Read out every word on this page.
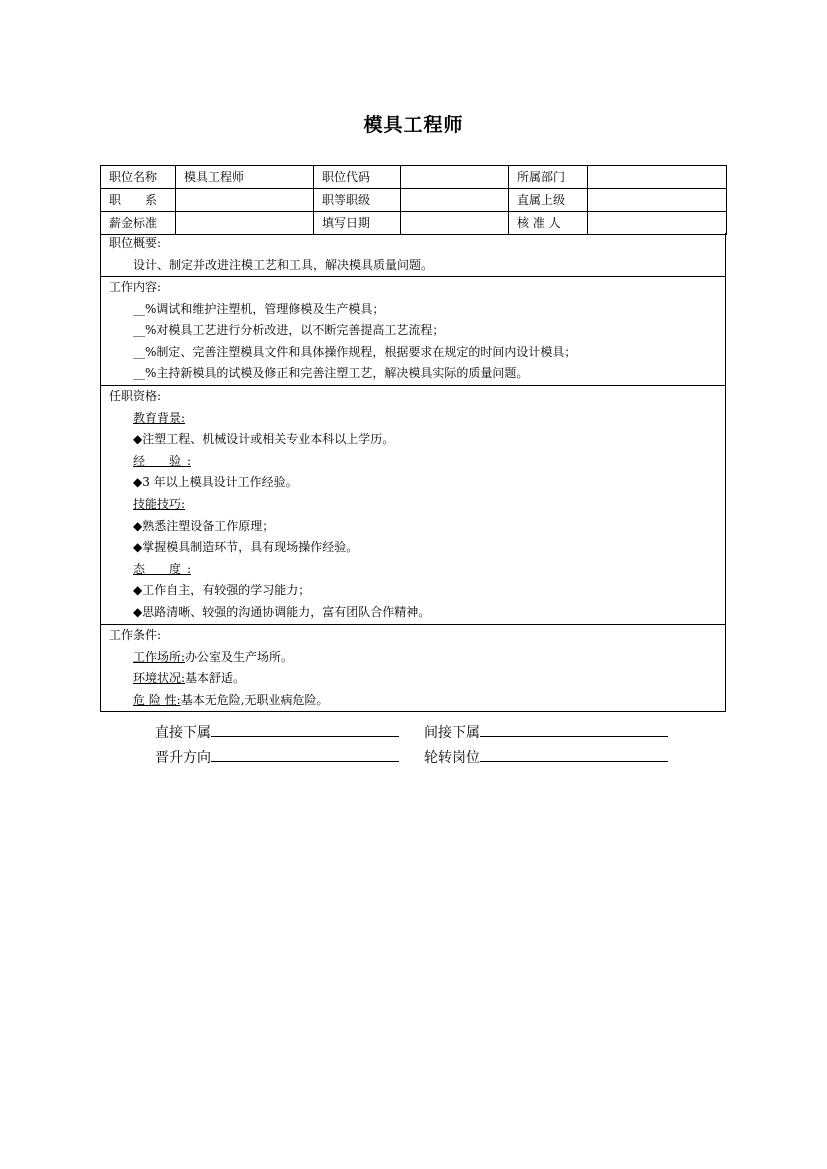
模具工程师
职位名称	模具工程师	职位代码		所属部门	
职　　系		职等职级		直属上级	
薪金标准		填写日期		核 准 人	
职位概要:
设计、制定并改进注模工艺和工具，解决模具质量问题。
工作内容:
__%调试和维护注塑机，管理修模及生产模具；
__%对模具工艺进行分析改进，以不断完善提高工艺流程；
__%制定、完善注塑模具文件和具体操作规程，根据要求在规定的时间内设计模具；
__%主持新模具的试模及修正和完善注塑工艺，解决模具实际的质量问题。
任职资格:
教育背景:
◆注塑工程、机械设计或相关专业本科以上学历。
经　验:
◆3 年以上模具设计工作经验。
技能技巧:
◆熟悉注塑设备工作原理；
◆掌握模具制造环节，具有现场操作经验。
态　度:
◆工作自主，有较强的学习能力；
◆思路清晰、较强的沟通协调能力，富有团队合作精神。
工作条件:
工作场所:办公室及生产场所。
环境状况:基本舒适。
危 险 性:基本无危险,无职业病危险。
直接下属	间接下属
晋升方向	轮转岗位
